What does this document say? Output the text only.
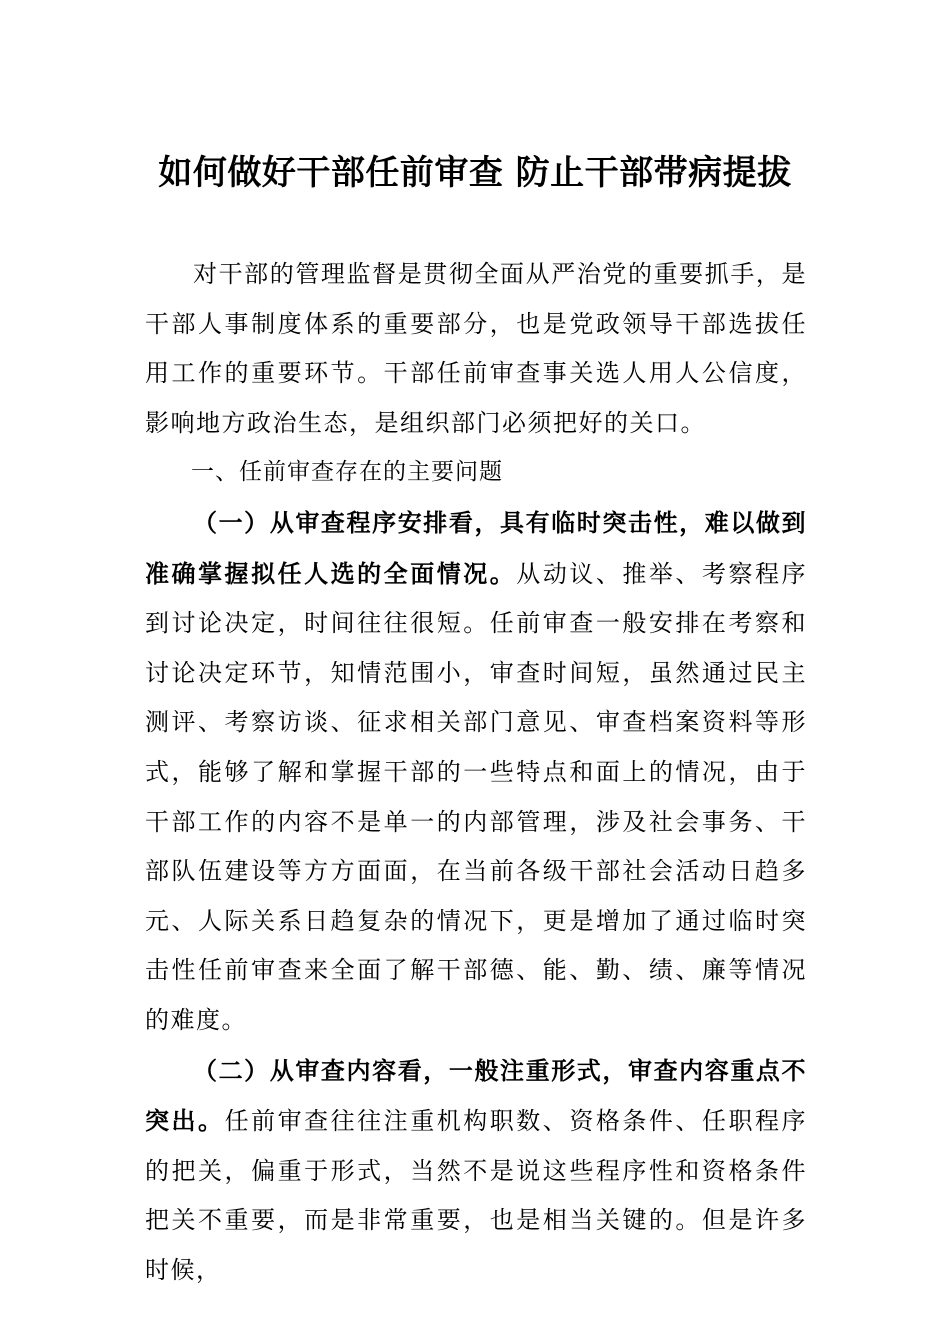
如何做好干部任前审查 防止干部带病提拔

对干部的管理监督是贯彻全面从严治党的重要抓手，是干部人事制度体系的重要部分，也是党政领导干部选拔任用工作的重要环节。干部任前审查事关选人用人公信度，影响地方政治生态，是组织部门必须把好的关口。

一、任前审查存在的主要问题

（一）从审查程序安排看，具有临时突击性，难以做到准确掌握拟任人选的全面情况。从动议、推举、考察程序到讨论决定，时间往往很短。任前审查一般安排在考察和讨论决定环节，知情范围小，审查时间短，虽然通过民主测评、考察访谈、征求相关部门意见、审查档案资料等形式，能够了解和掌握干部的一些特点和面上的情况，由于干部工作的内容不是单一的内部管理，涉及社会事务、干部队伍建设等方方面面，在当前各级干部社会活动日趋多元、人际关系日趋复杂的情况下，更是增加了通过临时突击性任前审查来全面了解干部德、能、勤、绩、廉等情况的难度。

（二）从审查内容看，一般注重形式，审查内容重点不突出。任前审查往往注重机构职数、资格条件、任职程序的把关，偏重于形式，当然不是说这些程序性和资格条件把关不重要，而是非常重要，也是相当关键的。但是许多时候，
